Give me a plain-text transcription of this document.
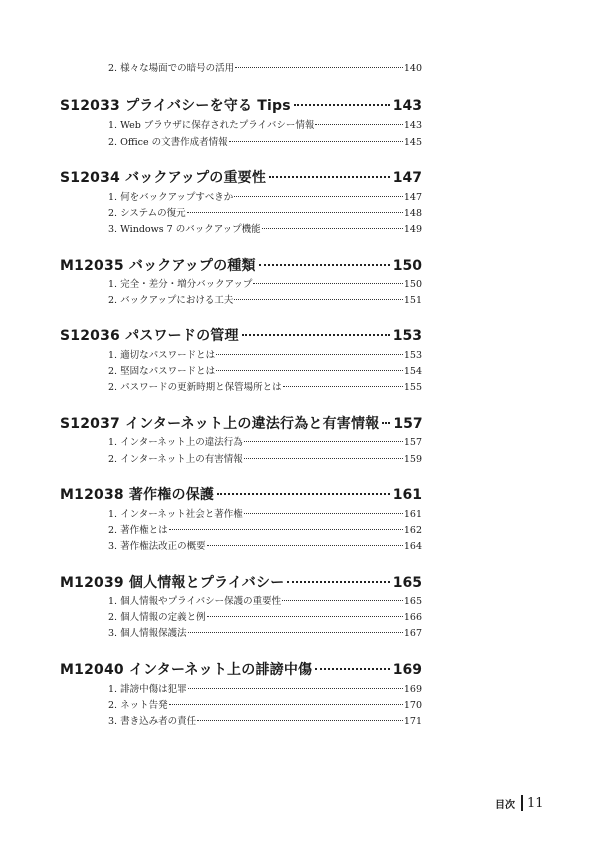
2. 様々な場面での暗号の活用	140
S12033 プライバシーを守る Tips	143
1. Web ブラウザに保存されたプライバシー情報	143
2. Office の文書作成者情報	145
S12034 バックアップの重要性	147
1. 何をバックアップすべきか	147
2. システムの復元	148
3. Windows 7 のバックアップ機能	149
M12035 バックアップの種類	150
1. 完全・差分・増分バックアップ	150
2. バックアップにおける工夫	151
S12036 パスワードの管理	153
1. 適切なパスワードとは	153
2. 堅固なパスワードとは	154
2. パスワードの更新時期と保管場所とは	155
S12037 インターネット上の違法行為と有害情報 157
1. インターネット上の違法行為	157
2. インターネット上の有害情報	159
M12038 著作権の保護	161
1. インターネット社会と著作権	161
2. 著作権とは	162
3. 著作権法改正の概要	164
M12039 個人情報とプライバシー	165
1. 個人情報やプライバシー保護の重要性	165
2. 個人情報の定義と例	166
3. 個人情報保護法	167
M12040 インターネット上の誹謗中傷	169
1. 誹謗中傷は犯罪	169
2. ネット告発	170
3. 書き込み者の責任	171
目次 11
